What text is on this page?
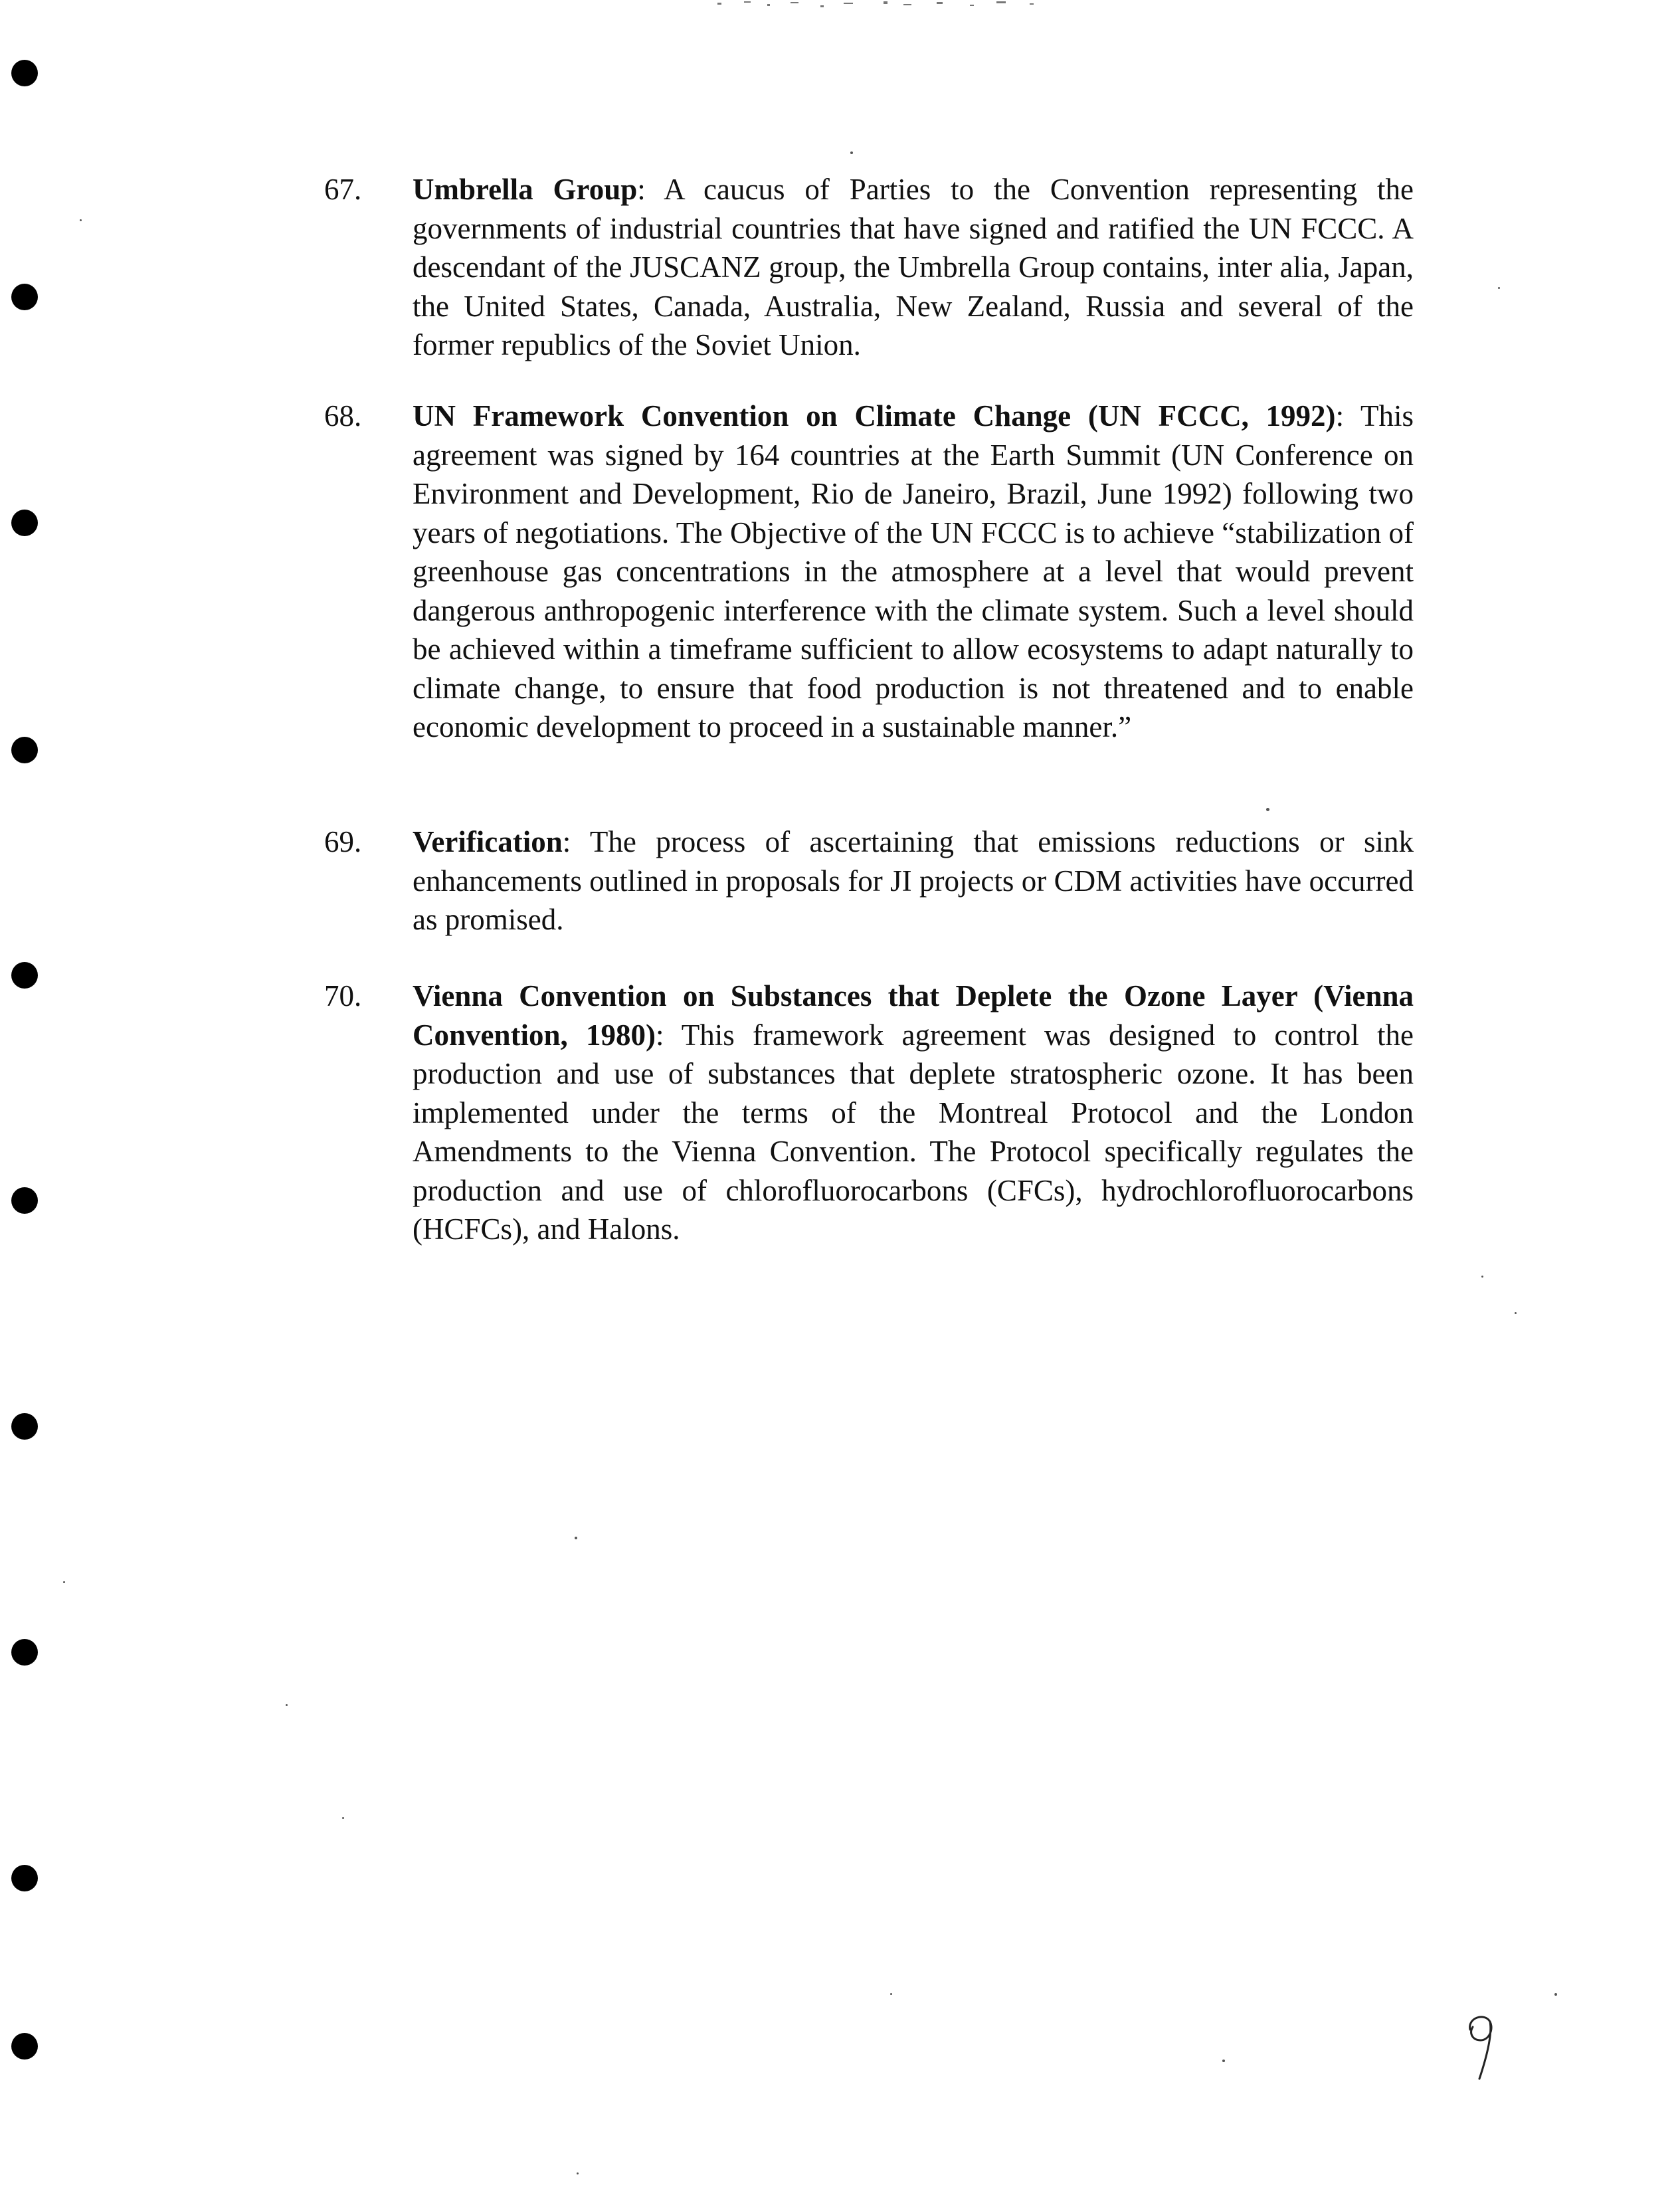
67. Umbrella Group: A caucus of Parties to the Convention representing the governments of industrial countries that have signed and ratified the UN FCCC. A descendant of the JUSCANZ group, the Umbrella Group contains, inter alia, Japan, the United States, Canada, Australia, New Zealand, Russia and several of the former republics of the Soviet Union.
68. UN Framework Convention on Climate Change (UN FCCC, 1992): This agreement was signed by 164 countries at the Earth Summit (UN Conference on Environment and Development, Rio de Janeiro, Brazil, June 1992) following two years of negotiations. The Objective of the UN FCCC is to achieve “stabilization of greenhouse gas concentrations in the atmosphere at a level that would prevent dangerous anthropogenic interference with the climate system. Such a level should be achieved within a timeframe sufficient to allow ecosystems to adapt naturally to climate change, to ensure that food production is not threatened and to enable economic development to proceed in a sustainable manner.”
69. Verification: The process of ascertaining that emissions reductions or sink enhancements outlined in proposals for JI projects or CDM activities have occurred as promised.
70. Vienna Convention on Substances that Deplete the Ozone Layer (Vienna Convention, 1980): This framework agreement was designed to control the production and use of substances that deplete stratospheric ozone. It has been implemented under the terms of the Montreal Protocol and the London Amendments to the Vienna Convention. The Protocol specifically regulates the production and use of chlorofluorocarbons (CFCs), hydrochlorofluorocarbons (HCFCs), and Halons.
